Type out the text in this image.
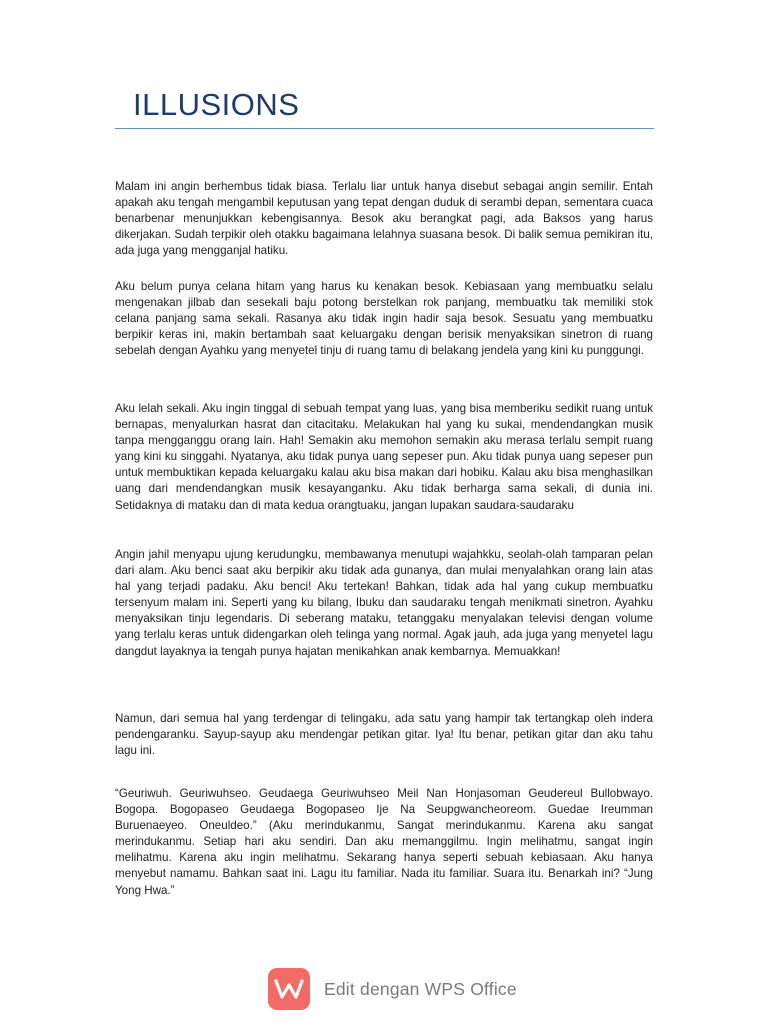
ILLUSIONS

Malam ini angin berhembus tidak biasa. Terlalu liar untuk hanya disebut sebagai angin semilir. Entah apakah aku tengah mengambil keputusan yang tepat dengan duduk di serambi depan, sementara cuaca benarbenar menunjukkan kebengisannya. Besok aku berangkat pagi, ada Baksos yang harus dikerjakan. Sudah terpikir oleh otakku bagaimana lelahnya suasana besok. Di balik semua pemikiran itu, ada juga yang mengganjal hatiku.

Aku belum punya celana hitam yang harus ku kenakan besok. Kebiasaan yang membuatku selalu mengenakan jilbab dan sesekali baju potong berstelkan rok panjang, membuatku tak memiliki stok celana panjang sama sekali. Rasanya aku tidak ingin hadir saja besok. Sesuatu yang membuatku berpikir keras ini, makin bertambah saat keluargaku dengan berisik menyaksikan sinetron di ruang sebelah dengan Ayahku yang menyetel tinju di ruang tamu di belakang jendela yang kini ku punggungi.

Aku lelah sekali. Aku ingin tinggal di sebuah tempat yang luas, yang bisa memberiku sedikit ruang untuk bernapas, menyalurkan hasrat dan citacitaku. Melakukan hal yang ku sukai, mendendangkan musik tanpa mengganggu orang lain. Hah! Semakin aku memohon semakin aku merasa terlalu sempit ruang yang kini ku singgahi. Nyatanya, aku tidak punya uang sepeser pun. Aku tidak punya uang sepeser pun untuk membuktikan kepada keluargaku kalau aku bisa makan dari hobiku. Kalau aku bisa menghasilkan uang dari mendendangkan musik kesayanganku. Aku tidak berharga sama sekali, di dunia ini. Setidaknya di mataku dan di mata kedua orangtuaku, jangan lupakan saudara-saudaraku

Angin jahil menyapu ujung kerudungku, membawanya menutupi wajahkku, seolah-olah tamparan pelan dari alam. Aku benci saat aku berpikir aku tidak ada gunanya, dan mulai menyalahkan orang lain atas hal yang terjadi padaku. Aku benci! Aku tertekan! Bahkan, tidak ada hal yang cukup membuatku tersenyum malam ini. Seperti yang ku bilang, Ibuku dan saudaraku tengah menikmati sinetron. Ayahku menyaksikan tinju legendaris. Di seberang mataku, tetanggaku menyalakan televisi dengan volume yang terlalu keras untuk didengarkan oleh telinga yang normal. Agak jauh, ada juga yang menyetel lagu dangdut layaknya ia tengah punya hajatan menikahkan anak kembarnya. Memuakkan!

Namun, dari semua hal yang terdengar di telingaku, ada satu yang hampir tak tertangkap oleh indera pendengaranku. Sayup-sayup aku mendengar petikan gitar. Iya! Itu benar, petikan gitar dan aku tahu lagu ini.

“Geuriwuh. Geuriwuhseo. Geudaega Geuriwuhseo Meil Nan Honjasoman Geudereul Bullobwayo. Bogopa. Bogopaseo Geudaega Bogopaseo Ije Na Seupgwancheoreom. Guedae Ireumman Buruenaeyeo. Oneuldeo.” (Aku merindukanmu, Sangat merindukanmu. Karena aku sangat merindukanmu. Setiap hari aku sendiri. Dan aku memanggilmu. Ingin melihatmu, sangat ingin melihatmu. Karena aku ingin melihatmu. Sekarang hanya seperti sebuah kebiasaan. Aku hanya menyebut namamu. Bahkan saat ini. Lagu itu familiar. Nada itu familiar. Suara itu. Benarkah ini? “Jung Yong Hwa.”

Edit dengan WPS Office
